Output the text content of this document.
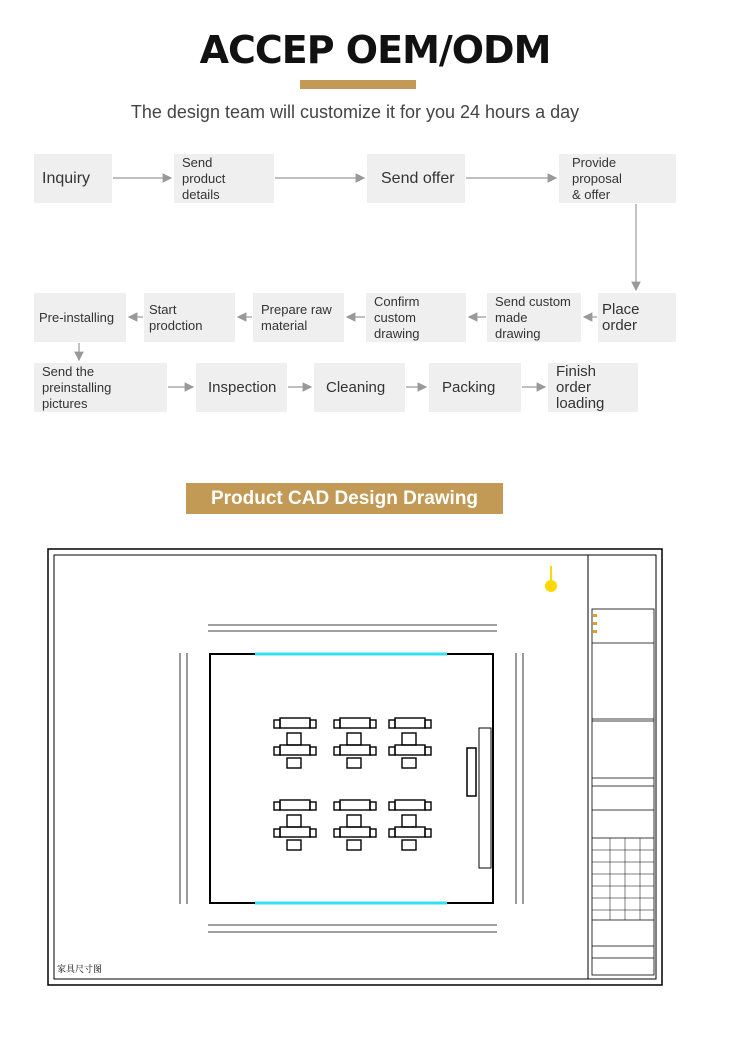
ACCEP OEM/ODM
The design team will customize it for you 24 hours a day
Inquiry
Send
product details
Send offer
Provide proposal
& offer
Pre-installing
Start prodction
Prepare raw
material
Confirm custom
drawing
Send custom
made drawing
Place order
Send the preinstalling
pictures
Inspection	Cleaning	Packing
Finish order
loading
Product CAD Design Drawing
家具尺寸图
